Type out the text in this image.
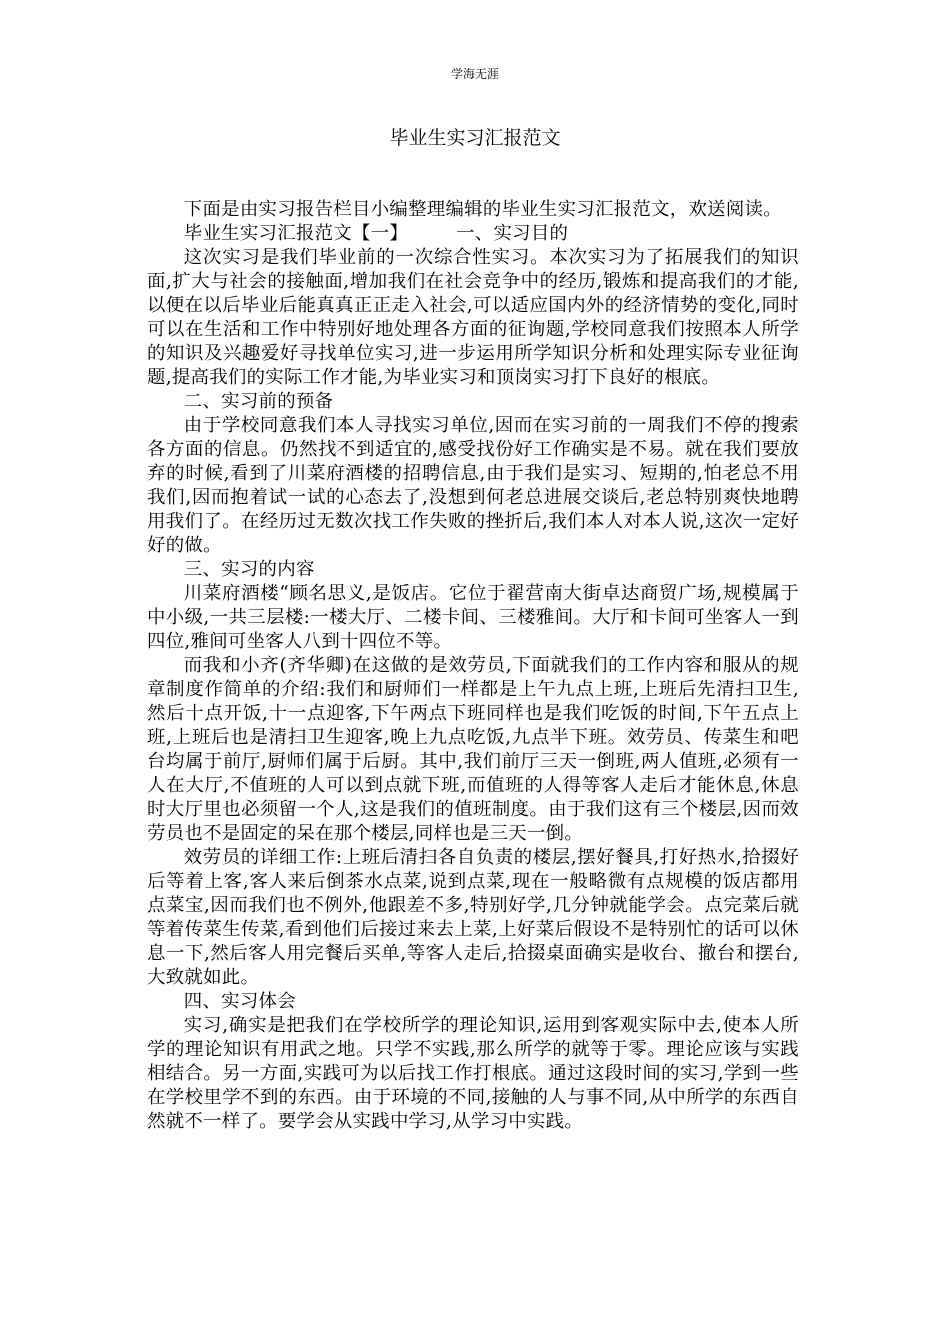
学海无涯
毕业生实习汇报范文

下面是由实习报告栏目小编整理编辑的毕业生实习汇报范文，欢送阅读。

毕业生实习汇报范文【一】	一、实习目的

这次实习是我们毕业前的一次综合性实习。本次实习为了拓展我们的知识面,扩大与社会的接触面,增加我们在社会竞争中的经历,锻炼和提高我们的才能,以便在以后毕业后能真真正正走入社会,可以适应国内外的经济情势的变化,同时可以在生活和工作中特别好地处理各方面的征询题,学校同意我们按照本人所学的知识及兴趣爱好寻找单位实习,进一步运用所学知识分析和处理实际专业征询题,提高我们的实际工作才能,为毕业实习和顶岗实习打下良好的根底。

二、实习前的预备

由于学校同意我们本人寻找实习单位,因而在实习前的一周我们不停的搜索各方面的信息。仍然找不到适宜的,感受找份好工作确实是不易。就在我们要放弃的时候,看到了川菜府酒楼的招聘信息,由于我们是实习、短期的,怕老总不用我们,因而抱着试一试的心态去了,没想到何老总进展交谈后,老总特别爽快地聘用我们了。在经历过无数次找工作失败的挫折后,我们本人对本人说,这次一定好好的做。

三、实习的内容

川菜府酒楼“顾名思义,是饭店。它位于翟营南大街卓达商贸广场,规模属于中小级,一共三层楼:一楼大厅、二楼卡间、三楼雅间。大厅和卡间可坐客人一到四位,雅间可坐客人八到十四位不等。

而我和小齐(齐华卿)在这做的是效劳员,下面就我们的工作内容和服从的规章制度作简单的介绍:我们和厨师们一样都是上午九点上班,上班后先清扫卫生,然后十点开饭,十一点迎客,下午两点下班同样也是我们吃饭的时间,下午五点上班,上班后也是清扫卫生迎客,晚上九点吃饭,九点半下班。效劳员、传菜生和吧台均属于前厅,厨师们属于后厨。其中,我们前厅三天一倒班,两人值班,必须有一人在大厅,不值班的人可以到点就下班,而值班的人得等客人走后才能休息,休息时大厅里也必须留一个人,这是我们的值班制度。由于我们这有三个楼层,因而效劳员也不是固定的呆在那个楼层,同样也是三天一倒。

效劳员的详细工作:上班后清扫各自负责的楼层,摆好餐具,打好热水,拾掇好后等着上客,客人来后倒茶水点菜,说到点菜,现在一般略微有点规模的饭店都用点菜宝,因而我们也不例外,他跟差不多,特别好学,几分钟就能学会。点完菜后就等着传菜生传菜,看到他们后接过来去上菜,上好菜后假设不是特别忙的话可以休息一下,然后客人用完餐后买单,等客人走后,拾掇桌面确实是收台、撤台和摆台,大致就如此。

四、实习体会

实习,确实是把我们在学校所学的理论知识,运用到客观实际中去,使本人所学的理论知识有用武之地。只学不实践,那么所学的就等于零。理论应该与实践相结合。另一方面,实践可为以后找工作打根底。通过这段时间的实习,学到一些在学校里学不到的东西。由于环境的不同,接触的人与事不同,从中所学的东西自然就不一样了。要学会从实践中学习,从学习中实践。
